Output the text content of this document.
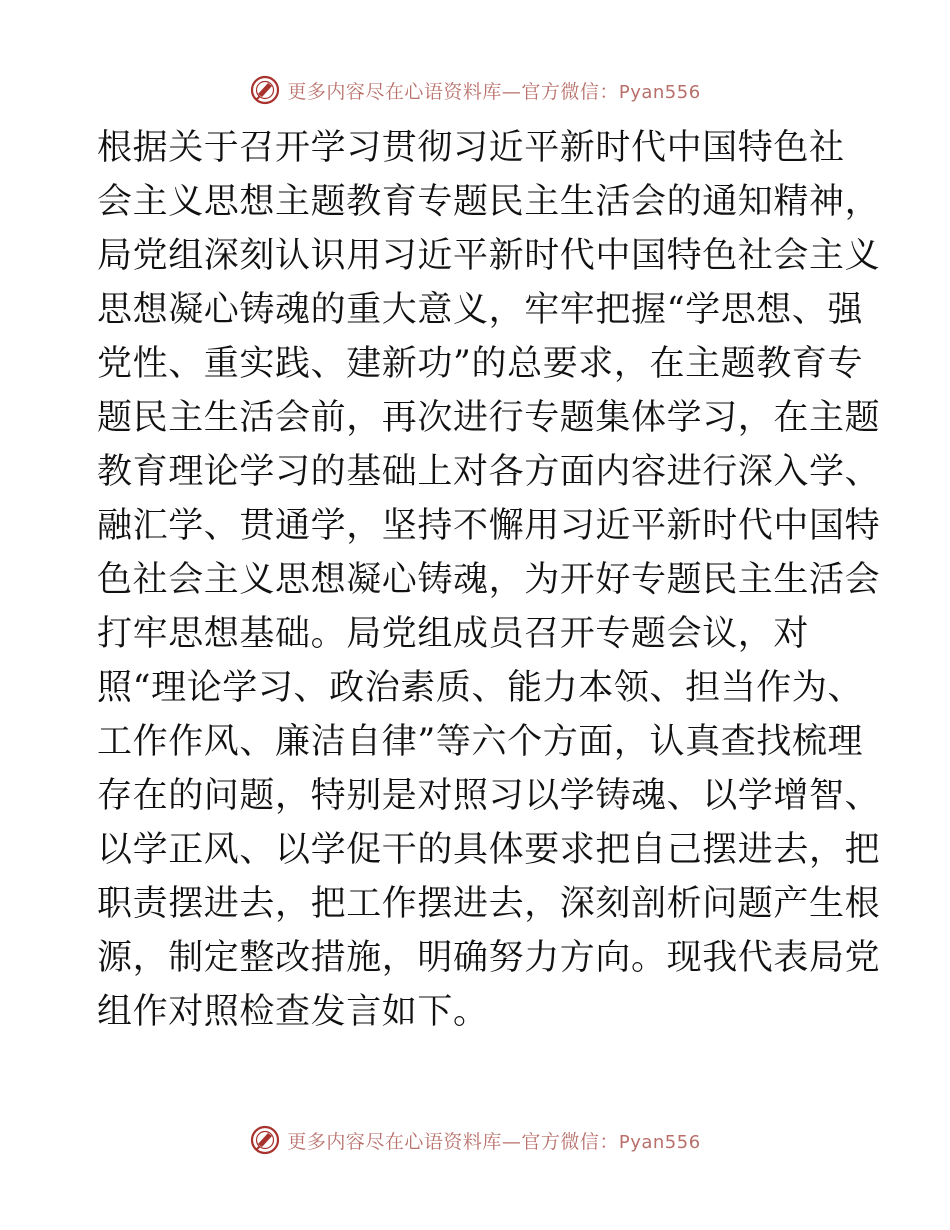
更多内容尽在心语资料库—官方微信：Pyan556
根据关于召开学习贯彻习近平新时代中国特色社
会主义思想主题教育专题民主生活会的通知精神，
局党组深刻认识用习近平新时代中国特色社会主义
思想凝心铸魂的重大意义，牢牢把握“学思想、强
党性、重实践、建新功”的总要求，在主题教育专
题民主生活会前，再次进行专题集体学习，在主题
教育理论学习的基础上对各方面内容进行深入学、
融汇学、贯通学，坚持不懈用习近平新时代中国特
色社会主义思想凝心铸魂，为开好专题民主生活会
打牢思想基础。局党组成员召开专题会议，对
照“理论学习、政治素质、能力本领、担当作为、
工作作风、廉洁自律”等六个方面，认真查找梳理
存在的问题，特别是对照习以学铸魂、以学增智、
以学正风、以学促干的具体要求把自己摆进去，把
职责摆进去，把工作摆进去，深刻剖析问题产生根
源，制定整改措施，明确努力方向。现我代表局党
组作对照检查发言如下。
更多内容尽在心语资料库—官方微信：Pyan556
